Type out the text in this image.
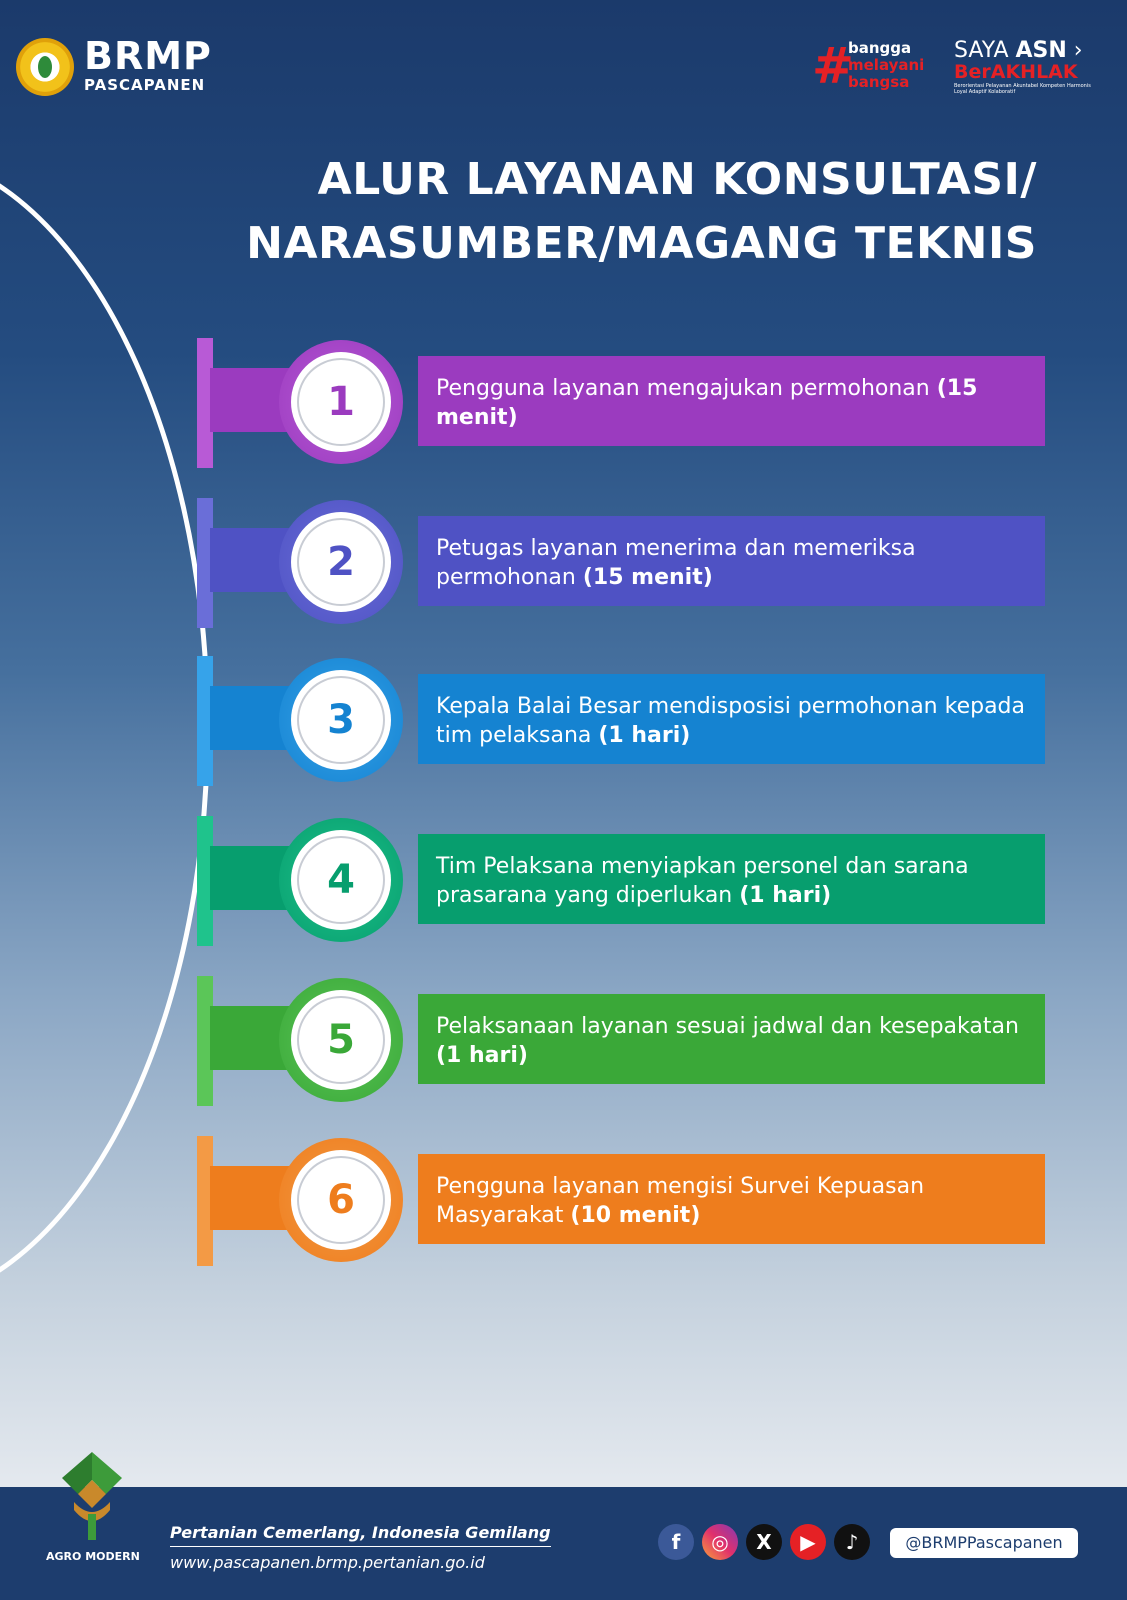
BRMP
PASCAPANEN	#
bangga
melayani
bangsa
SAYA ASN ›
BerAKHLAK
Berorientasi Pelayanan Akuntabel Kompeten Harmonis Loyal Adaptif Kolaboratif
ALUR LAYANAN KONSULTASI/
NARASUMBER/MAGANG TEKNIS
1	Pengguna layanan mengajukan permohonan (15 menit)
2	Petugas layanan menerima dan memeriksa permohonan (15 menit)
3	Kepala Balai Besar mendisposisi permohonan kepada tim pelaksana (1 hari)
4	Tim Pelaksana menyiapkan personel dan sarana prasarana yang diperlukan (1 hari)
5	Pelaksanaan layanan sesuai jadwal dan kesepakatan (1 hari)
6	Pengguna layanan mengisi Survei Kepuasan Masyarakat (10 menit)
AGRO MODERN
Pertanian Cemerlang, Indonesia Gemilang
www.pascapanen.brmp.pertanian.go.id
f	◎	X	▶	♪	@BRMPPascapanen
